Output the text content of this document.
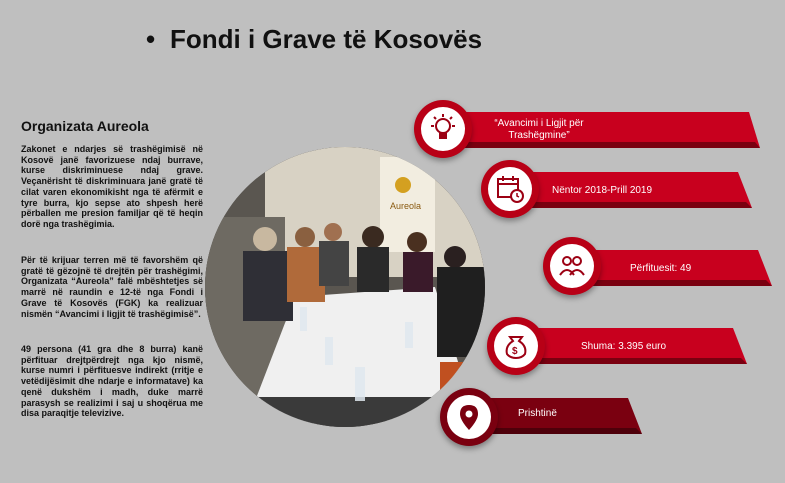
• Fondi i Grave të Kosovës
Organizata Aureola
Zakonet e ndarjes së trashëgimisë në Kosovë janë favorizuese ndaj burrave, kurse diskriminuese ndaj grave. Veçanërisht të diskriminuara janë gratë të cilat varen ekonomikisht nga të afërmit e tyre burra, kjo sepse ato shpesh herë përballen me presion familjar që të heqin dorë nga trashëgimia.
Për të krijuar terren më të favorshëm që gratë të gëzojnë të drejtën për trashëgimi, Organizata “Aureola” falë mbështetjes së marrë në raundin e 12-të nga Fondi i Grave të Kosovës (FGK) ka realizuar nismën “Avancimi i ligjit të trashëgimisë”.
49 persona (41 gra dhe 8 burra) kanë përfituar drejtpërdrejt nga kjo nismë, kurse numri i përfituesve indirekt (rritje e vetëdijësimit dhe ndarje e informatave) ka qenë dukshëm i madh, duke marrë parasysh se realizimi i saj u shoqërua me disa paraqitje televizive.
Aureola
“Avancimi i Ligjit për Trashëgmine”
Nëntor 2018-Prill 2019
Përfituesit: 49
Shuma: 3.395 euro
$
Prishtinë
